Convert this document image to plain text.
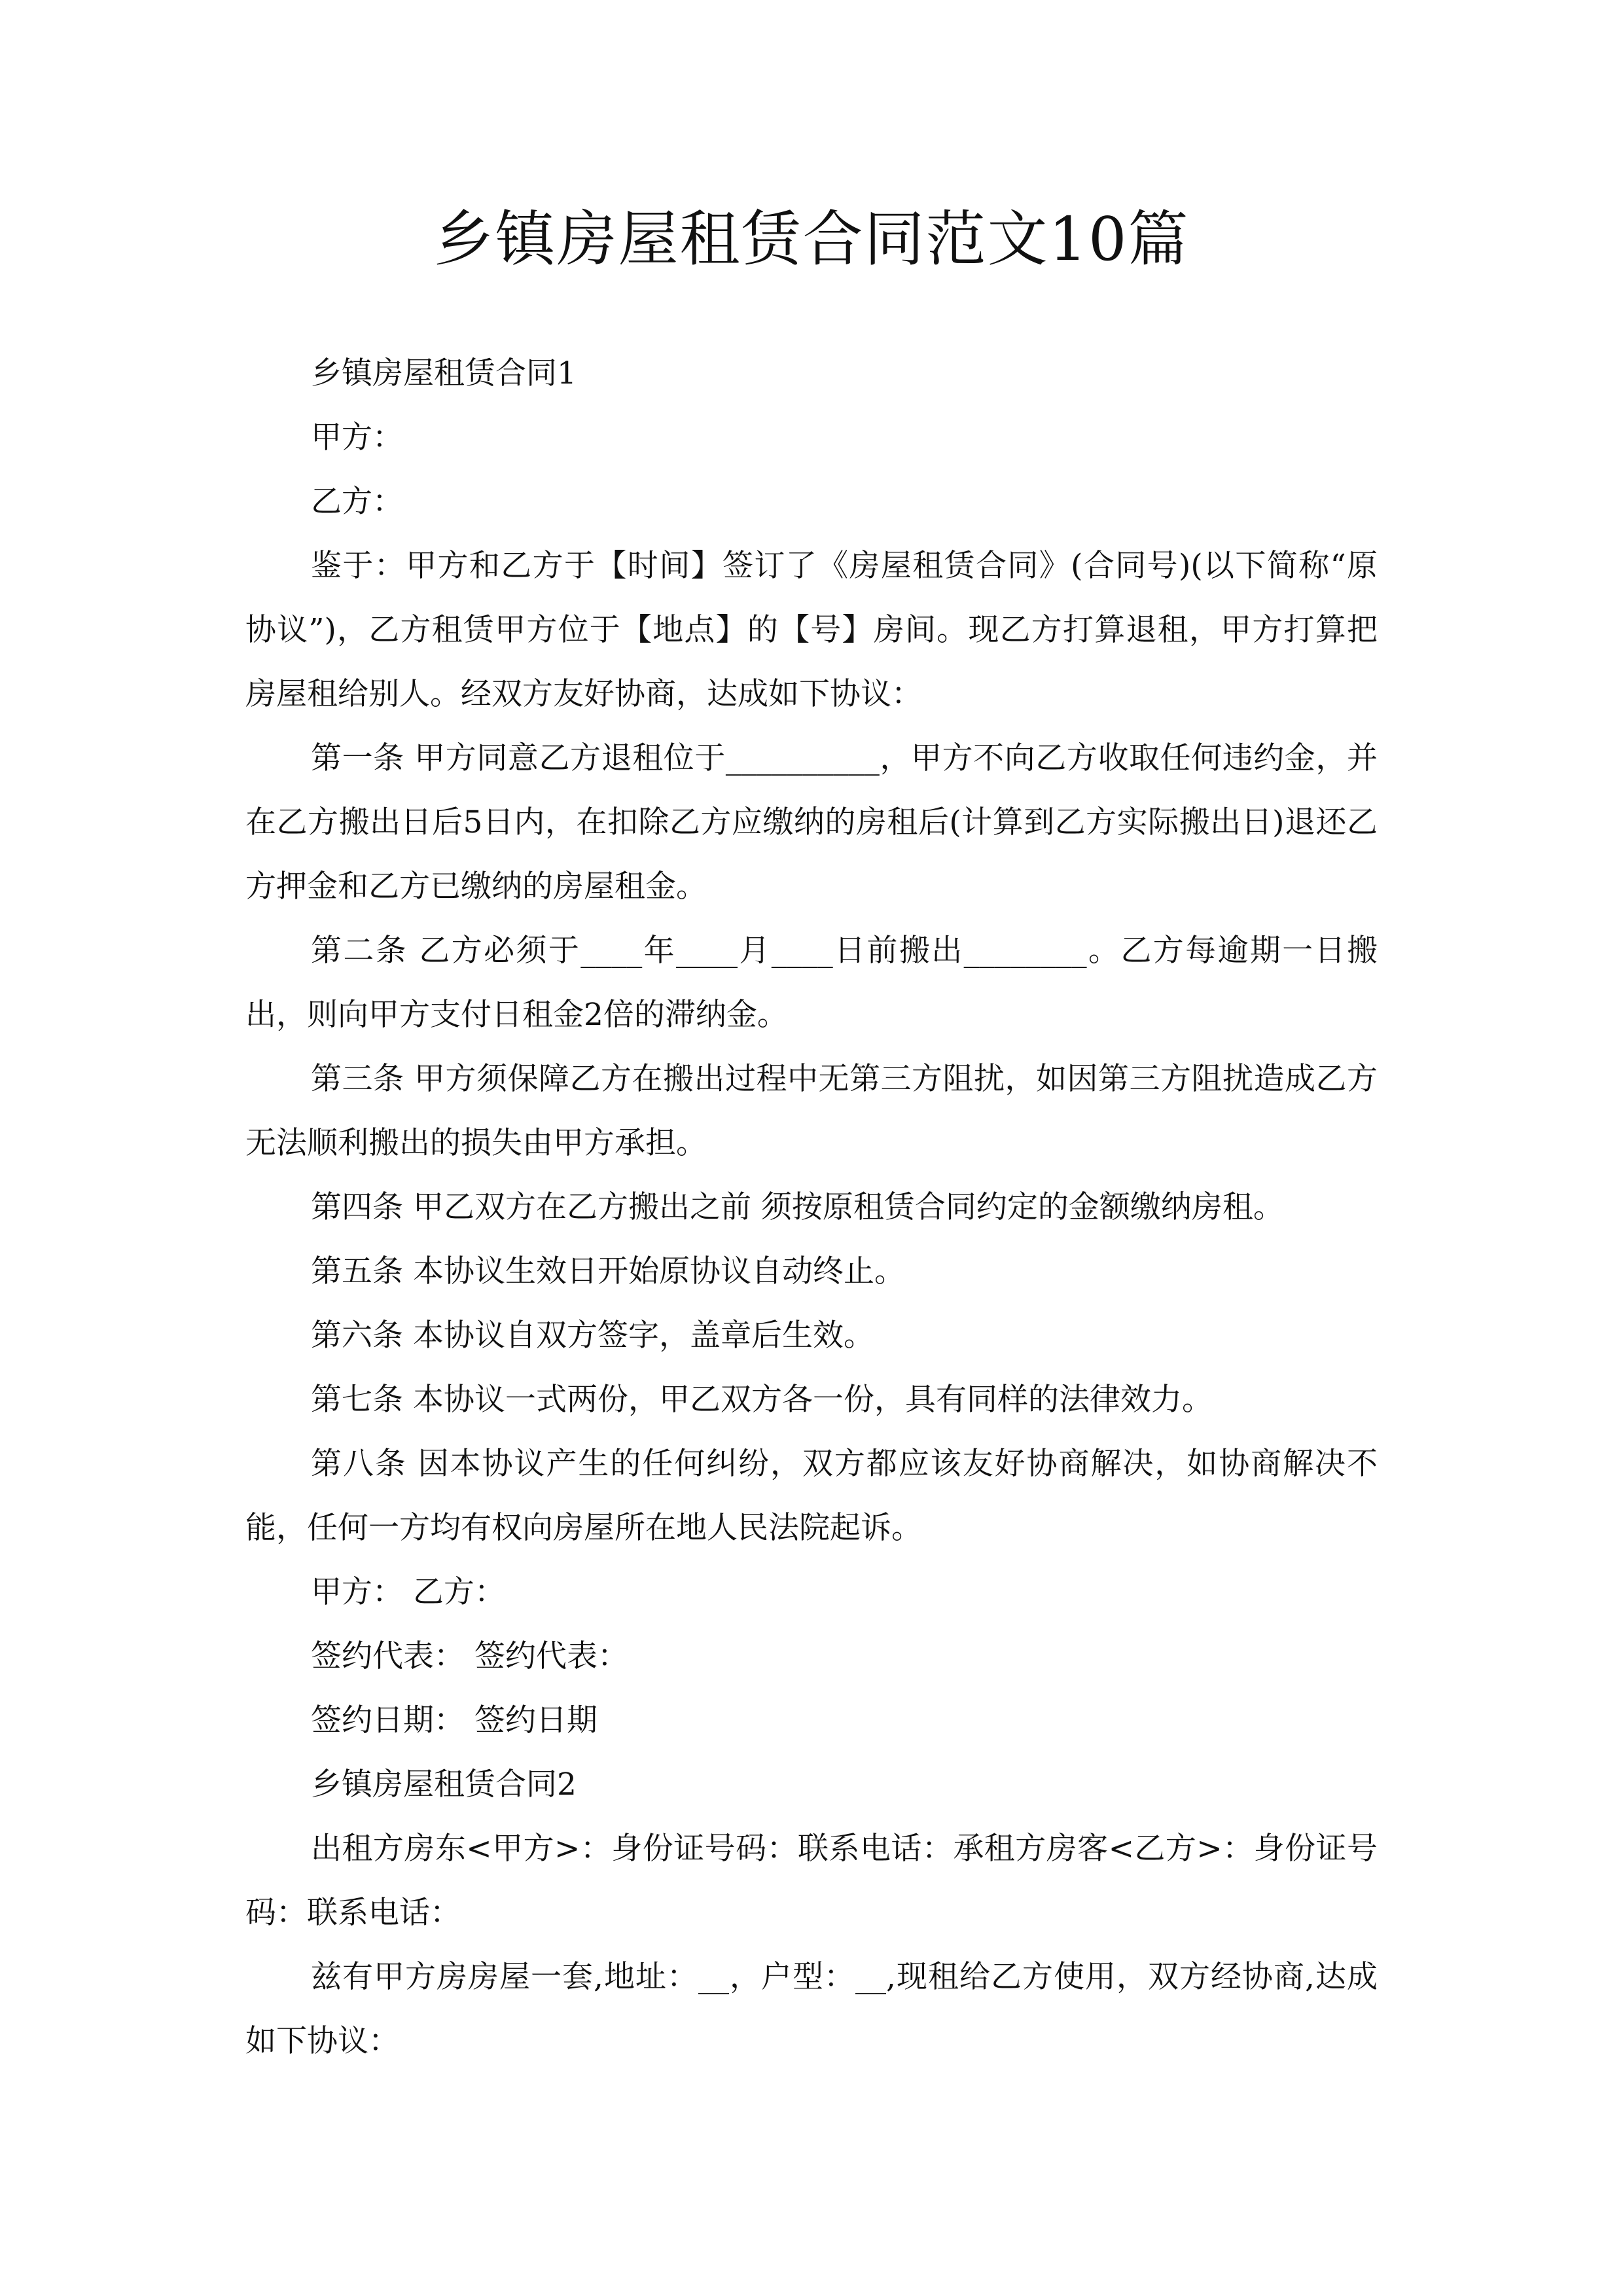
乡镇房屋租赁合同范文10篇

乡镇房屋租赁合同1

甲方：

乙方：

鉴于：甲方和乙方于【时间】签订了《房屋租赁合同》(合同号)(以下简称“原协议”)，乙方租赁甲方位于【地点】的【号】房间。现乙方打算退租，甲方打算把房屋租给别人。经双方友好协商，达成如下协议：

第一条 甲方同意乙方退租位于__________，甲方不向乙方收取任何违约金，并在乙方搬出日后5日内，在扣除乙方应缴纳的房租后(计算到乙方实际搬出日)退还乙方押金和乙方已缴纳的房屋租金。

第二条 乙方必须于____年____月____日前搬出________。乙方每逾期一日搬出，则向甲方支付日租金2倍的滞纳金。

第三条 甲方须保障乙方在搬出过程中无第三方阻扰，如因第三方阻扰造成乙方无法顺利搬出的损失由甲方承担。

第四条 甲乙双方在乙方搬出之前 须按原租赁合同约定的金额缴纳房租。

第五条 本协议生效日开始原协议自动终止。

第六条 本协议自双方签字，盖章后生效。

第七条 本协议一式两份，甲乙双方各一份，具有同样的法律效力。

第八条 因本协议产生的任何纠纷，双方都应该友好协商解决，如协商解决不能，任何一方均有权向房屋所在地人民法院起诉。

甲方： 乙方：

签约代表： 签约代表：

签约日期： 签约日期

乡镇房屋租赁合同2

出租方房东<甲方>：身份证号码：联系电话：承租方房客<乙方>：身份证号码：联系电话：

兹有甲方房房屋一套,地址：__，户型：__,现租给乙方使用，双方经协商,达成如下协议：
